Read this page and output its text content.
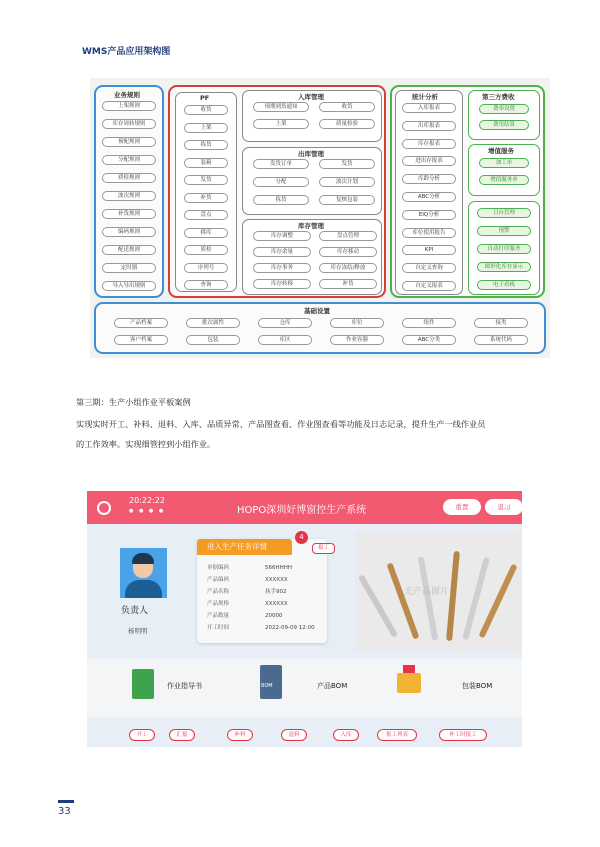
WMS产品应用架构图
业务规则
上架规则
库存周转规则
预配规则
分配规则
质检规则
波次规则
补货规则
编码规则
配送规则
定时器
导入导出规则
PF
收货
上架
拣货
装箱
发货
补货
盘点
移库
质检
序列号
查询
入库管理
预期到货通知	收货
上架	质量检验
出库管理
发货订单	发货
分配	波次计划
拣货	复核包装
库存管理
库存调整	盘点管理
库存余量	库存移动
库存事务	库存冻结/释放
库存转移	补货
统计分析
入库报表
出库报表
库存报表
进出存报表
库龄分析
ABC分析
EIQ分析
库位使用报告
KPI
自定义查询
自定义报表
第三方费收
费率设置
费用结算
增值服务
加工单
增值服务单
日台管理
预警
自动打印服务
图形化库存显示
电子看板
基础设置
产品档案	批次属性	仓库	库位	组件	接类
客户档案	包装	库区	作业容器	ABC分类	系统代码
第三期：生产小组作业平板案例
实现实时开工、补料、退料、入库、品质异常、产品图查看、作业图查看等功能及日志记录，提升生产一线作业员
的工作效率。实现细管控到小组作业。
20:22:22
● ● ● ●	HOPO深圳好博窗控生产系统	重置	退出
负责人
杨明明
进入生产任务详情
4
单据编码	566HHHH
产品编码	XXXXXX
产品名称	执手902
产品规格	XXXXXX
产品数量	20000
开工时间	2022-09-09 12:00
报工
无产品图片
作业指导书	BOM	产品BOM	包装BOM
开工	汇报	补料	退料	入库	报工列表	补工时报工
33
